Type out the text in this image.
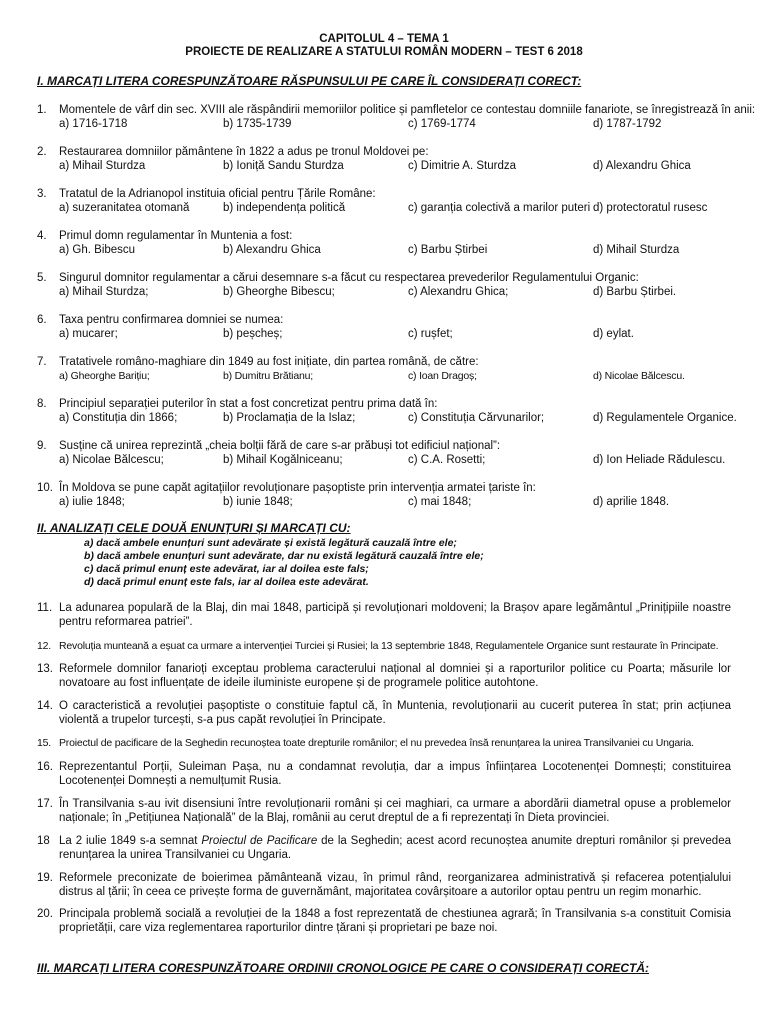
CAPITOLUL 4 – TEMA 1
PROIECTE DE REALIZARE A STATULUI ROMÂN MODERN – TEST 6 2018
I. MARCAȚI LITERA CORESPUNZĂTOARE RĂSPUNSULUI PE CARE ÎL CONSIDERAȚI CORECT:
1. Momentele de vârf din sec. XVIII ale răspândirii memoriilor politice și pamfletelor ce contestau domniile fanariote, se înregistrează în anii:
a) 1716-1718	b) 1735-1739	c) 1769-1774	d) 1787-1792
2. Restaurarea domniilor pământene în 1822 a adus pe tronul Moldovei pe:
a) Mihail Sturdza	b) Ioniță Sandu Sturdza	c) Dimitrie A. Sturdza	d) Alexandru Ghica
3. Tratatul de la Adrianopol instituia oficial pentru Țările Române:
a) suzeranitatea otomană	b) independența politică	c) garanția colectivă a marilor puteri d) protectoratul rusesc
4. Primul domn regulamentar în Muntenia a fost:
a) Gh. Bibescu	b) Alexandru Ghica	c) Barbu Știrbei	d) Mihail Sturdza
5. Singurul domnitor regulamentar a cărui desemnare s-a făcut cu respectarea prevederilor Regulamentului Organic:
a) Mihail Sturdza;	b) Gheorghe Bibescu;	c) Alexandru Ghica;	d) Barbu Știrbei.
6. Taxa pentru confirmarea domniei se numea:
a) mucarer;	b) peșcheș;	c) rușfet;	d) eylat.
7. Tratativele româno-maghiare din 1849 au fost inițiate, din partea română, de către:
a) Gheorghe Barițiu;	b) Dumitru Brătianu;	c) Ioan Dragoș;	d) Nicolae Bălcescu.
8. Principiul separației puterilor în stat a fost concretizat pentru prima dată în:
a) Constituția din 1866;	b) Proclamația de la Islaz;	c) Constituția Cărvunarilor;	d) Regulamentele Organice.
9. Susține că unirea reprezintă „cheia bolții fără de care s-ar prăbuși tot edificiul național”:
a) Nicolae Bălcescu;	b) Mihail Kogălniceanu;	c) C.A. Rosetti;	d) Ion Heliade Rădulescu.
10. În Moldova se pune capăt agitațiilor revoluționare pașoptiste prin intervenția armatei țariste în:
a) iulie 1848;	b) iunie 1848;	c) mai 1848;	d) aprilie 1848.
II. ANALIZAȚI CELE DOUĂ ENUNȚURI ȘI MARCAȚI CU:
a) dacă ambele enunțuri sunt adevărate și există legătură cauzală între ele;
b) dacă ambele enunțuri sunt adevărate, dar nu există legătură cauzală între ele;
c) dacă primul enunț este adevărat, iar al doilea este fals;
d) dacă primul enunț este fals, iar al doilea este adevărat.
11. La adunarea populară de la Blaj, din mai 1848, participă și revoluționari moldoveni; la Brașov apare legământul „Prinițipiile noastre pentru reformarea patriei”.
12. Revoluția munteană a eșuat ca urmare a intervenției Turciei și Rusiei; la 13 septembrie 1848, Regulamentele Organice sunt restaurate în Principate.
13. Reformele domnilor fanarioți exceptau problema caracterului național al domniei și a raporturilor politice cu Poarta; măsurile lor novatoare au fost influențate de ideile iluministe europene și de programele politice autohtone.
14. O caracteristică a revoluției pașoptiste o constituie faptul că, în Muntenia, revoluționarii au cucerit puterea în stat; prin acțiunea violentă a trupelor turcești, s-a pus capăt revoluției în Principate.
15. Proiectul de pacificare de la Seghedin recunoștea toate drepturile românilor; el nu prevedea însă renunțarea la unirea Transilvaniei cu Ungaria.
16. Reprezentantul Porții, Suleiman Pașa, nu a condamnat revoluția, dar a impus înființarea Locotenenței Domnești; constituirea Locotenenței Domnești a nemulțumit Rusia.
17. În Transilvania s-au ivit disensiuni între revoluționarii români și cei maghiari, ca urmare a abordării diametral opuse a problemelor naționale; în „Petițiunea Națională” de la Blaj, românii au cerut dreptul de a fi reprezentați în Dieta provinciei.
18 La 2 iulie 1849 s-a semnat Proiectul de Pacificare de la Seghedin; acest acord recunoștea anumite drepturi românilor și prevedea renunțarea la unirea Transilvaniei cu Ungaria.
19. Reformele preconizate de boierimea pământeană vizau, în primul rând, reorganizarea administrativă și refacerea potențialului distrus al țării; în ceea ce privește forma de guvernământ, majoritatea covârșitoare a autorilor optau pentru un regim monarhic.
20. Principala problemă socială a revoluției de la 1848 a fost reprezentată de chestiunea agrară; în Transilvania s-a constituit Comisia proprietății, care viza reglementarea raporturilor dintre țărani și proprietari pe baze noi.
III. MARCAȚI LITERA CORESPUNZĂTOARE ORDINII CRONOLOGICE PE CARE O CONSIDERAȚI CORECTĂ:
